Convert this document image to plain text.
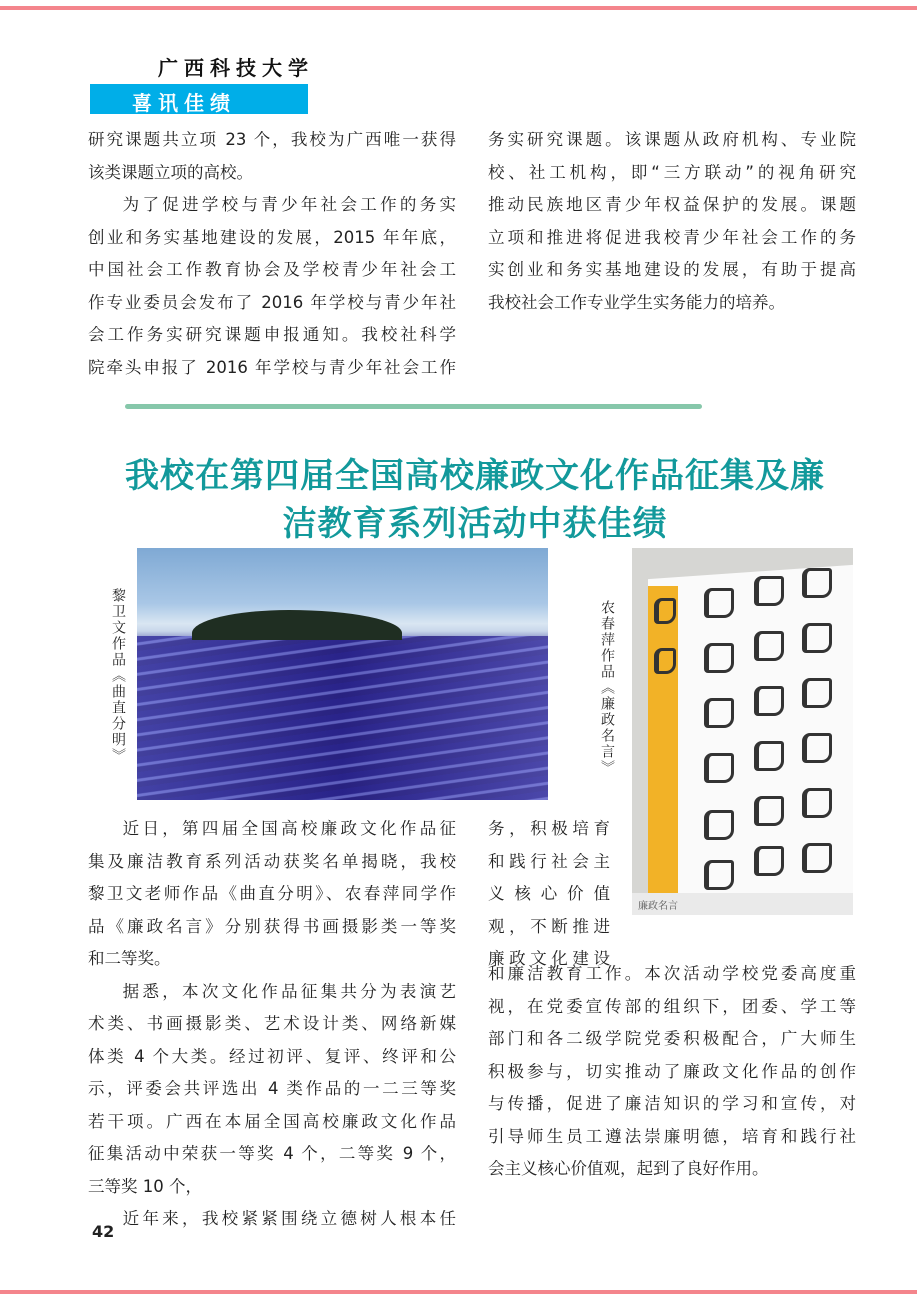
广西科技大学
喜讯佳绩
研究课题共立项 23 个，我校为广西唯一获得
该类课题立项的高校。
为了促进学校与青少年社会工作的务实
创业和务实基地建设的发展，2015 年年底，
中国社会工作教育协会及学校青少年社会工
作专业委员会发布了 2016 年学校与青少年社
会工作务实研究课题申报通知。我校社科学
院牵头申报了 2016 年学校与青少年社会工作
务实研究课题。该课题从政府机构、专业院
校、社工机构，即“三方联动”的视角研究
推动民族地区青少年权益保护的发展。课题
立项和推进将促进我校青少年社会工作的务
实创业和务实基地建设的发展，有助于提高
我校社会工作专业学生实务能力的培养。
我校在第四届全国高校廉政文化作品征集及廉
洁教育系列活动中获佳绩
黎卫文作品《曲直分明》	农春萍作品《廉政名言》
廉政名言
近日，第四届全国高校廉政文化作品征
集及廉洁教育系列活动获奖名单揭晓，我校
黎卫文老师作品《曲直分明》、农春萍同学作
品《廉政名言》分别获得书画摄影类一等奖
和二等奖。
据悉，本次文化作品征集共分为表演艺
术类、书画摄影类、艺术设计类、网络新媒
体类 4 个大类。经过初评、复评、终评和公
示，评委会共评选出 4 类作品的一二三等奖
若干项。广西在本届全国高校廉政文化作品
征集活动中荣获一等奖 4 个，二等奖 9 个，
三等奖 10 个，
近年来，我校紧紧围绕立德树人根本任
务，积极培育
和践行社会主
义核心价值
观，不断推进
廉政文化建设
和廉洁教育工作。本次活动学校党委高度重
视，在党委宣传部的组织下，团委、学工等
部门和各二级学院党委积极配合，广大师生
积极参与，切实推动了廉政文化作品的创作
与传播，促进了廉洁知识的学习和宣传，对
引导师生员工遵法崇廉明德，培育和践行社
会主义核心价值观，起到了良好作用。
42
